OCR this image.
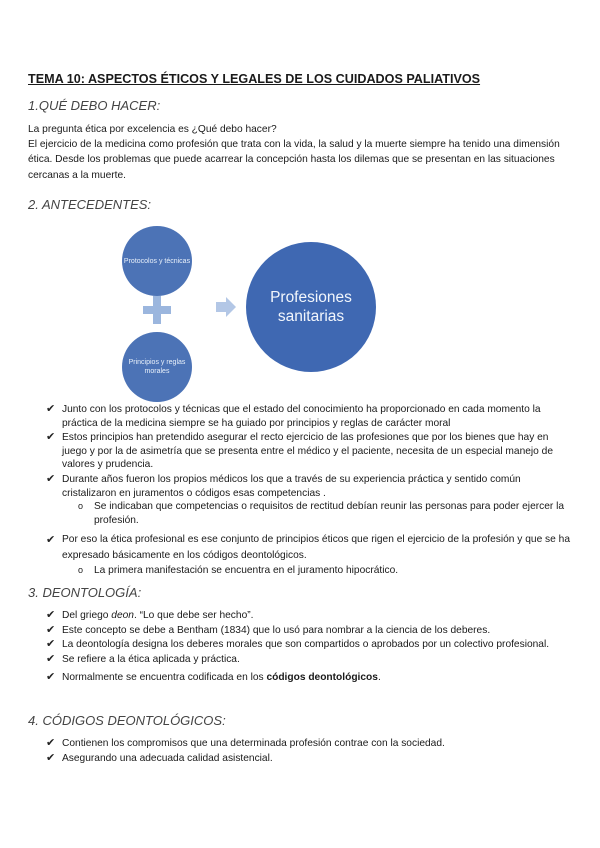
TEMA 10: ASPECTOS ÉTICOS Y LEGALES DE LOS CUIDADOS PALIATIVOS
1.QUÉ DEBO HACER:

La pregunta ética por excelencia es ¿Qué debo hacer?

El ejercicio de la medicina como profesión que trata con la vida, la salud y la muerte siempre ha tenido una dimensión ética. Desde los problemas que puede acarrear la concepción hasta los dilemas que se presentan en las situaciones cercanas a la muerte.

2. ANTECEDENTES:
Protocolos y técnicas
Principios y reglas morales
Profesiones sanitarias
✔ Junto con los protocolos y técnicas que el estado del conocimiento ha proporcionado en cada momento la práctica de la medicina siempre se ha guiado por principios y reglas de carácter moral
✔ Estos principios han pretendido asegurar el recto ejercicio de las profesiones que por los bienes que hay en juego y por la de asimetría que se presenta entre el médico y el paciente, necesita de un especial manejo de valores y prudencia.
✔ Durante años fueron los propios médicos los que a través de su experiencia práctica y sentido común cristalizaron en juramentos o códigos esas competencias .
o Se indicaban que competencias o requisitos de rectitud debían reunir las personas para poder ejercer la profesión.
✔ Por eso la ética profesional es ese conjunto de principios éticos que rigen el ejercicio de la profesión y que se ha expresado básicamente en los códigos deontológicos.
o La primera manifestación se encuentra en el juramento hipocrático.
3. DEONTOLOGÍA:
✔ Del griego deon. “Lo que debe ser hecho”.
✔ Este concepto se debe a Bentham (1834) que lo usó para nombrar a la ciencia de los deberes.
✔ La deontología designa los deberes morales que son compartidos o aprobados por un colectivo profesional.
✔ Se refiere a la ética aplicada y práctica.
✔ Normalmente se encuentra codificada en los códigos deontológicos.
4. CÓDIGOS DEONTOLÓGICOS:
✔ Contienen los compromisos que una determinada profesión contrae con la sociedad.
✔ Asegurando una adecuada calidad asistencial.
